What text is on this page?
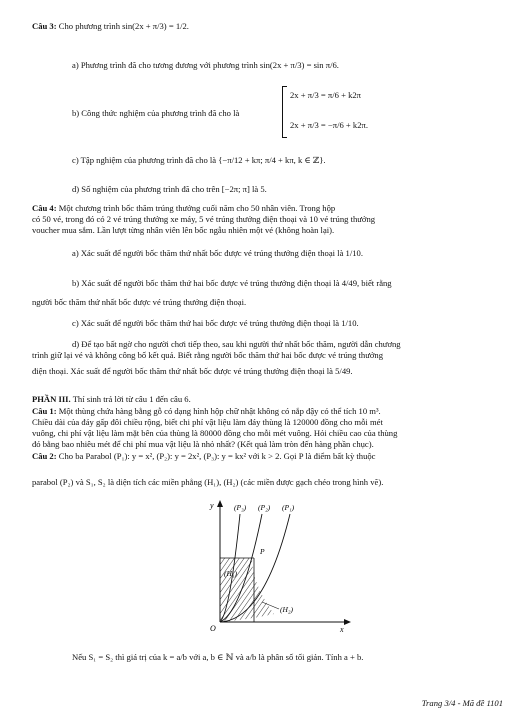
Câu 3: Cho phương trình sin(2x + π/3) = 1/2.
a) Phương trình đã cho tương đương với phương trình sin(2x + π/3) = sin π/6.
b) Công thức nghiệm của phương trình đã cho là
2x + π/3 = π/6 + k2π
2x + π/3 = −π/6 + k2π.
c) Tập nghiệm của phương trình đã cho là {−π/12 + kπ; π/4 + kπ, k ∈ ℤ}.
d) Số nghiệm của phương trình đã cho trên [−2π; π] là 5.
Câu 4: Một chương trình bốc thăm trúng thưởng cuối năm cho 50 nhân viên. Trong hộp
có 50 vé, trong đó có 2 vé trúng thưởng xe máy, 5 vé trúng thưởng điện thoại và 10 vé trúng thưởng
voucher mua sắm. Lần lượt từng nhân viên lên bốc ngẫu nhiên một vé (không hoàn lại).
a) Xác suất để người bốc thăm thứ nhất bốc được vé trúng thưởng điện thoại là 1/10.
b) Xác suất để người bốc thăm thứ hai bốc được vé trúng thưởng điện thoại là 4/49, biết rằng
người bốc thăm thứ nhất bốc được vé trúng thưởng điện thoại.
c) Xác suất để người bốc thăm thứ hai bốc được vé trúng thưởng điện thoại là 1/10.
d) Để tạo bất ngờ cho người chơi tiếp theo, sau khi người thứ nhất bốc thăm, người dẫn chương
trình giữ lại vé và không công bố kết quả. Biết rằng người bốc thăm thứ hai bốc được vé trúng thưởng
điện thoại. Xác suất để người bốc thăm thứ nhất bốc được vé trúng thưởng điện thoại là 5/49.
PHẦN III. Thí sinh trả lời từ câu 1 đến câu 6.
Câu 1: Một thùng chứa hàng bằng gỗ có dạng hình hộp chữ nhật không có nắp đậy có thể tích 10 m³.
Chiều dài của đáy gấp đôi chiều rộng, biết chi phí vật liệu làm đáy thùng là 120000 đồng cho mỗi mét
vuông, chi phí vật liệu làm mặt bên của thùng là 80000 đồng cho mỗi mét vuông. Hỏi chiều cao của thùng
đó bằng bao nhiêu mét để chi phí mua vật liệu là nhỏ nhất? (Kết quả làm tròn đến hàng phần chục).
Câu 2: Cho ba Parabol (P₁): y = x², (P₂): y = 2x², (P₃): y = kx² với k > 2. Gọi P là điểm bất kỳ thuộc
parabol (P₂) và S₁, S₂ là diện tích các miền phẳng (H₁), (H₂) (các miền được gạch chéo trong hình vẽ).
y
x
O
(P₃) (P₂) (P₁)
P
(H₁)
(H₂)
Nếu S₁ = S₂ thì giá trị của k = a/b với a, b ∈ ℕ và a/b là phân số tối giản. Tính a + b.
Trang 3/4 - Mã đề 1101
